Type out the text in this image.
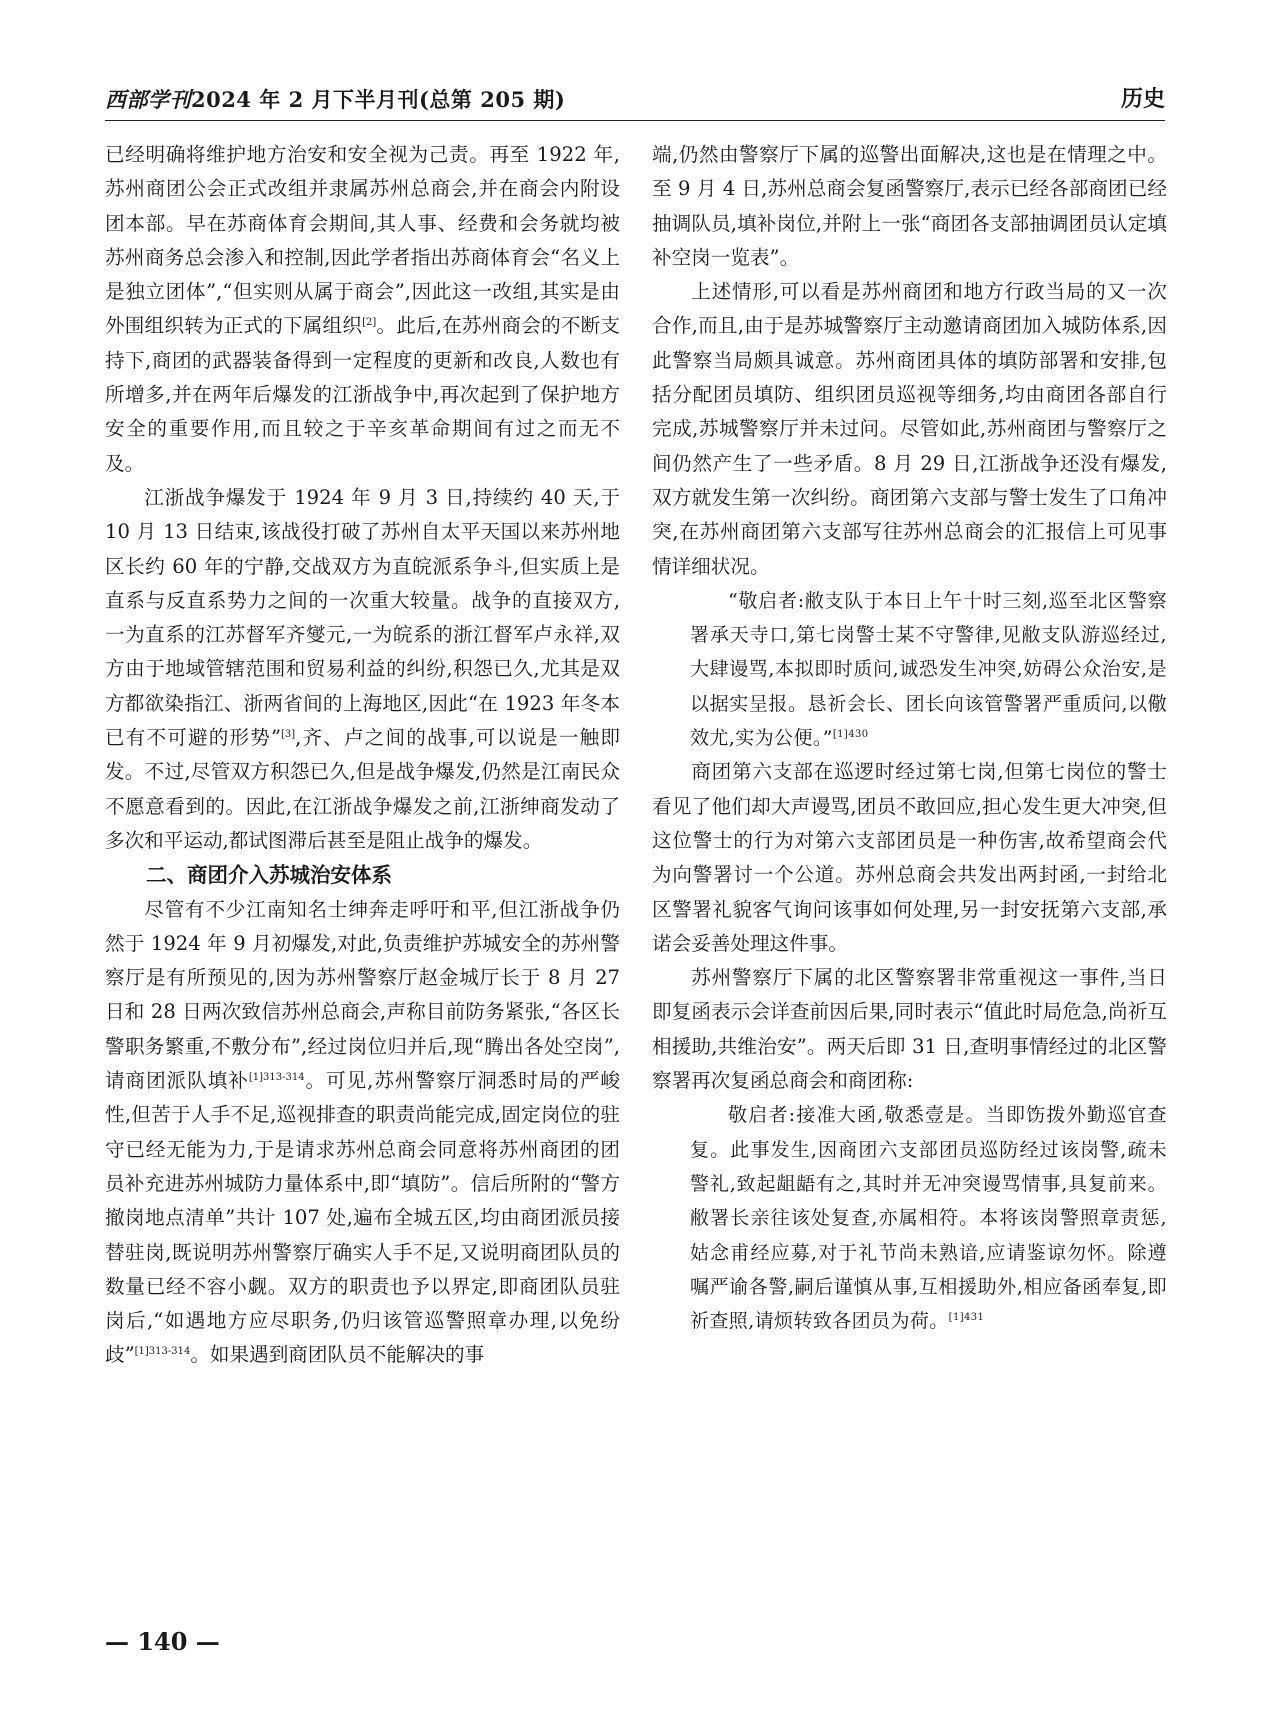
西部学刊2024 年 2 月下半月刊(总第 205 期)	历史

已经明确将维护地方治安和安全视为己责。再至 1922 年,苏州商团公会正式改组并隶属苏州总商会,并在商会内附设团本部。早在苏商体育会期间,其人事、经费和会务就均被苏州商务总会渗入和控制,因此学者指出苏商体育会“名义上是独立团体”,“但实则从属于商会”,因此这一改组,其实是由外围组织转为正式的下属组织[2]。此后,在苏州商会的不断支持下,商团的武器装备得到一定程度的更新和改良,人数也有所增多,并在两年后爆发的江浙战争中,再次起到了保护地方安全的重要作用,而且较之于辛亥革命期间有过之而无不及。

江浙战争爆发于 1924 年 9 月 3 日,持续约 40 天,于 10 月 13 日结束,该战役打破了苏州自太平天国以来苏州地区长约 60 年的宁静,交战双方为直皖派系争斗,但实质上是直系与反直系势力之间的一次重大较量。战争的直接双方,一为直系的江苏督军齐燮元,一为皖系的浙江督军卢永祥,双方由于地域管辖范围和贸易利益的纠纷,积怨已久,尤其是双方都欲染指江、浙两省间的上海地区,因此“在 1923 年冬本已有不可避的形势”[3],齐、卢之间的战事,可以说是一触即发。不过,尽管双方积怨已久,但是战争爆发,仍然是江南民众不愿意看到的。因此,在江浙战争爆发之前,江浙绅商发动了多次和平运动,都试图滞后甚至是阻止战争的爆发。

二、商团介入苏城治安体系

尽管有不少江南知名士绅奔走呼吁和平,但江浙战争仍然于 1924 年 9 月初爆发,对此,负责维护苏城安全的苏州警察厅是有所预见的,因为苏州警察厅赵金城厅长于 8 月 27 日和 28 日两次致信苏州总商会,声称目前防务紧张,“各区长警职务繁重,不敷分布”,经过岗位归并后,现“腾出各处空岗”,请商团派队填补$^{[1]313-314}$。可见,苏州警察厅洞悉时局的严峻性,但苦于人手不足,巡视排查的职责尚能完成,固定岗位的驻守已经无能为力,于是请求苏州总商会同意将苏州商团的团员补充进苏州城防力量体系中,即“填防”。信后所附的“警方撤岗地点清单”共计 107 处,遍布全城五区,均由商团派员接替驻岗,既说明苏州警察厅确实人手不足,又说明商团队员的数量已经不容小觑。双方的职责也予以界定,即商团队员驻岗后,“如遇地方应尽职务,仍归该管巡警照章办理,以免纷歧”$^{[1]313-314}$。如果遇到商团队员不能解决的事

端,仍然由警察厅下属的巡警出面解决,这也是在情理之中。至 9 月 4 日,苏州总商会复函警察厅,表示已经各部商团已经抽调队员,填补岗位,并附上一张“商团各支部抽调团员认定填补空岗一览表”。

上述情形,可以看是苏州商团和地方行政当局的又一次合作,而且,由于是苏城警察厅主动邀请商团加入城防体系,因此警察当局颇具诚意。苏州商团具体的填防部署和安排,包括分配团员填防、组织团员巡视等细务,均由商团各部自行完成,苏城警察厅并未过问。尽管如此,苏州商团与警察厅之间仍然产生了一些矛盾。8 月 29 日,江浙战争还没有爆发,双方就发生第一次纠纷。商团第六支部与警士发生了口角冲突,在苏州商团第六支部写往苏州总商会的汇报信上可见事情详细状况。

“敬启者:敝支队于本日上午十时三刻,巡至北区警察署承天寺口,第七岗警士某不守警律,见敝支队游巡经过,大肆谩骂,本拟即时质问,诚恐发生冲突,妨碍公众治安,是以据实呈报。恳祈会长、团长向该管警署严重质问,以儆效尤,实为公便。”$^{[1]430}$

商团第六支部在巡逻时经过第七岗,但第七岗位的警士看见了他们却大声谩骂,团员不敢回应,担心发生更大冲突,但这位警士的行为对第六支部团员是一种伤害,故希望商会代为向警署讨一个公道。苏州总商会共发出两封函,一封给北区警署礼貌客气询问该事如何处理,另一封安抚第六支部,承诺会妥善处理这件事。

苏州警察厅下属的北区警察署非常重视这一事件,当日即复函表示会详查前因后果,同时表示“值此时局危急,尚祈互相援助,共维治安”。两天后即 31 日,查明事情经过的北区警察署再次复函总商会和商团称:

敬启者:接准大函,敬悉壹是。当即饬拨外勤巡官查复。此事发生,因商团六支部团员巡防经过该岗警,疏未警礼,致起龃龉有之,其时并无冲突谩骂情事,具复前来。敝署长亲往该处复查,亦属相符。本将该岗警照章责惩,姑念甫经应募,对于礼节尚未熟谙,应请鉴谅勿怀。除遵嘱严谕各警,嗣后谨慎从事,互相援助外,相应备函奉复,即祈查照,请烦转致各团员为荷。$^{[1]431}$

— 140 —
